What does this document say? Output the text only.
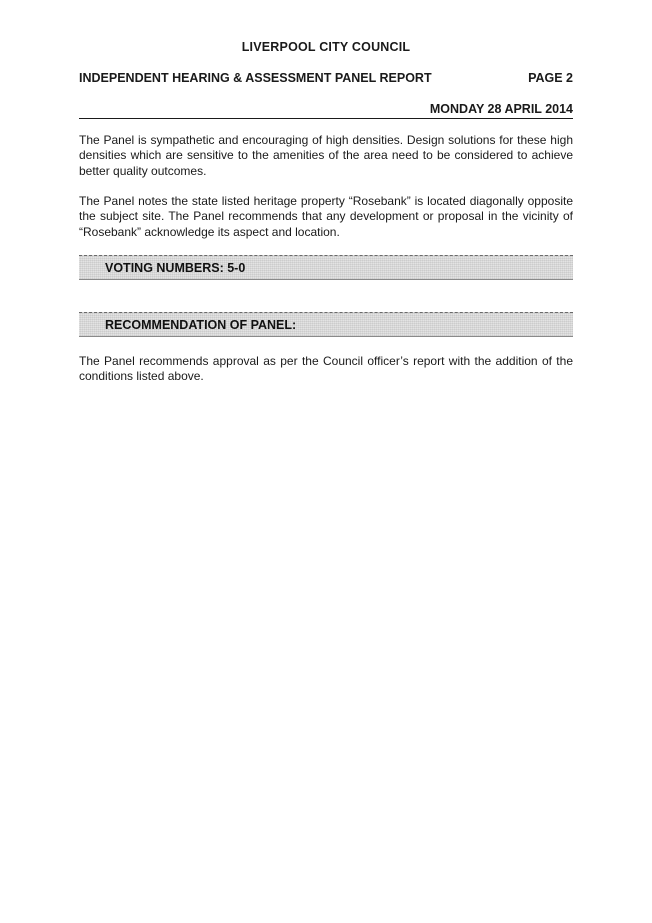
LIVERPOOL CITY COUNCIL
INDEPENDENT HEARING & ASSESSMENT PANEL REPORT	PAGE 2
MONDAY 28 APRIL 2014

The Panel is sympathetic and encouraging of high densities. Design solutions for these high densities which are sensitive to the amenities of the area need to be considered to achieve better quality outcomes.

The Panel notes the state listed heritage property “Rosebank” is located diagonally opposite the subject site. The Panel recommends that any development or proposal in the vicinity of “Rosebank” acknowledge its aspect and location.

VOTING NUMBERS: 5-0
RECOMMENDATION OF PANEL:

The Panel recommends approval as per the Council officer’s report with the addition of the conditions listed above.
